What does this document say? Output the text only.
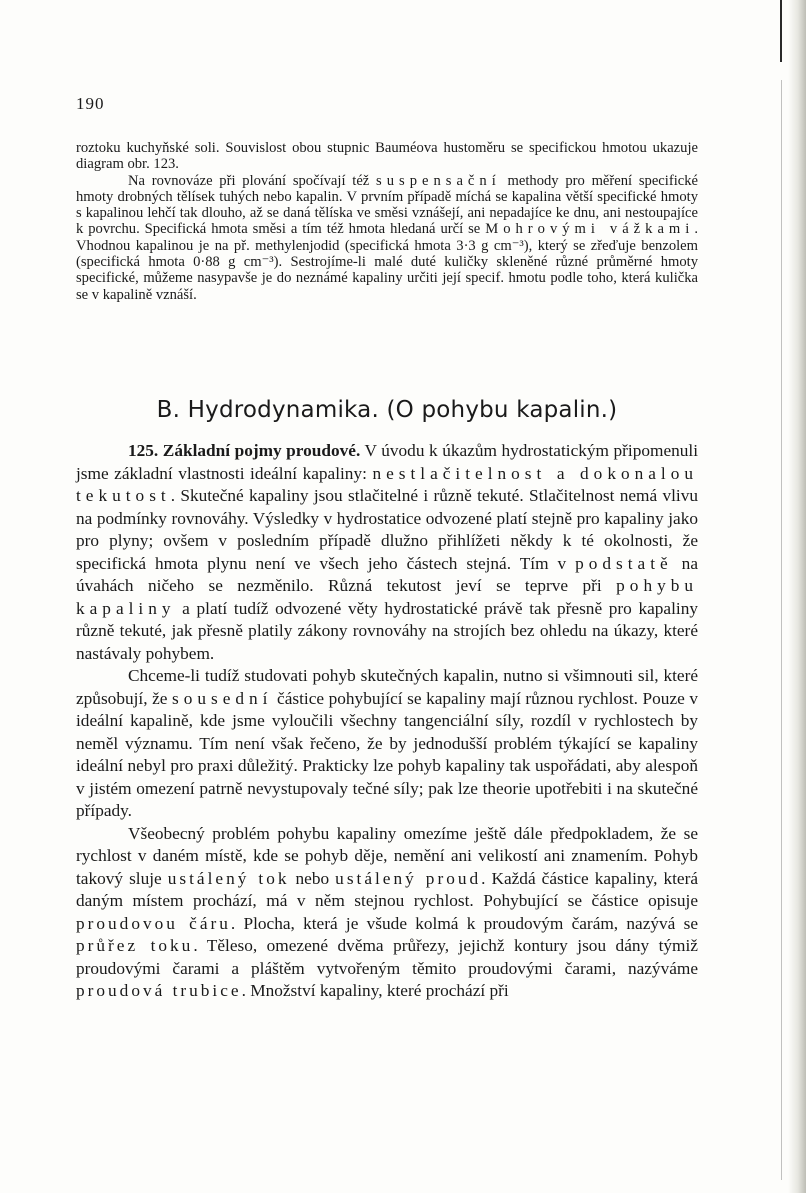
190

roztoku kuchyňské soli. Souvislost obou stupnic Bauméova hustoměru se specifickou hmotou ukazuje diagram obr. 123.

Na rovnováze při plování spočívají též suspensační methody pro měření specifické hmoty drobných tělísek tuhých nebo kapalin. V prvním případě míchá se kapalina větší specifické hmoty s kapalinou lehčí tak dlouho, až se daná tělíska ve směsi vznášejí, ani nepadajíce ke dnu, ani nestoupajíce k povrchu. Specifická hmota směsi a tím též hmota hledaná určí se Mohrovými vážkami. Vhodnou kapalinou je na př. methylenjodid (specifická hmota 3·3 g cm⁻³), který se zřeďuje benzolem (specifická hmota 0·88 g cm⁻³). Sestrojíme-li malé duté kuličky skleněné různé průměrné hmoty specifické, můžeme nasypavše je do neznámé kapaliny určiti její specif. hmotu podle toho, která kulička se v kapalině vznáší.

B. Hydrodynamika. (O pohybu kapalin.)

125. Základní pojmy proudové. V úvodu k úkazům hydrostatickým připomenuli jsme základní vlastnosti ideální kapaliny: nestlačitelnost a dokonalou tekutost. Skutečné kapaliny jsou stlačitelné i různě tekuté. Stlačitelnost nemá vlivu na podmínky rovnováhy. Výsledky v hydrostatice odvozené platí stejně pro kapaliny jako pro plyny; ovšem v posledním případě dlužno přihlížeti někdy k té okolnosti, že specifická hmota plynu není ve všech jeho částech stejná. Tím v podstatě na úvahách ničeho se nezměnilo. Různá tekutost jeví se teprve při pohybu kapaliny a platí tudíž odvozené věty hydrostatické právě tak přesně pro kapaliny různě tekuté, jak přesně platily zákony rovnováhy na strojích bez ohledu na úkazy, které nastávaly pohybem.

Chceme-li tudíž studovati pohyb skutečných kapalin, nutno si všimnouti sil, které způsobují, že sousední částice pohybující se kapaliny mají různou rychlost. Pouze v ideální kapalině, kde jsme vyloučili všechny tangenciální síly, rozdíl v rychlostech by neměl významu. Tím není však řečeno, že by jednodušší problém týkající se kapaliny ideální nebyl pro praxi důležitý. Prakticky lze pohyb kapaliny tak uspořádati, aby alespoň v jistém omezení patrně nevystupovaly tečné síly; pak lze theorie upotřebiti i na skutečné případy.

Všeobecný problém pohybu kapaliny omezíme ještě dále předpokladem, že se rychlost v daném místě, kde se pohyb děje, nemění ani velikostí ani znamením. Pohyb takový sluje ustálený tok nebo ustálený proud. Každá částice kapaliny, která daným místem prochází, má v něm stejnou rychlost. Pohybující se částice opisuje proudovou čáru. Plocha, která je všude kolmá k proudovým čarám, nazývá se průřez toku. Těleso, omezené dvěma průřezy, jejichž kontury jsou dány týmiž proudovými čarami a pláštěm vytvořeným těmito proudovými čarami, nazýváme proudová trubice. Množství kapaliny, které prochází při
